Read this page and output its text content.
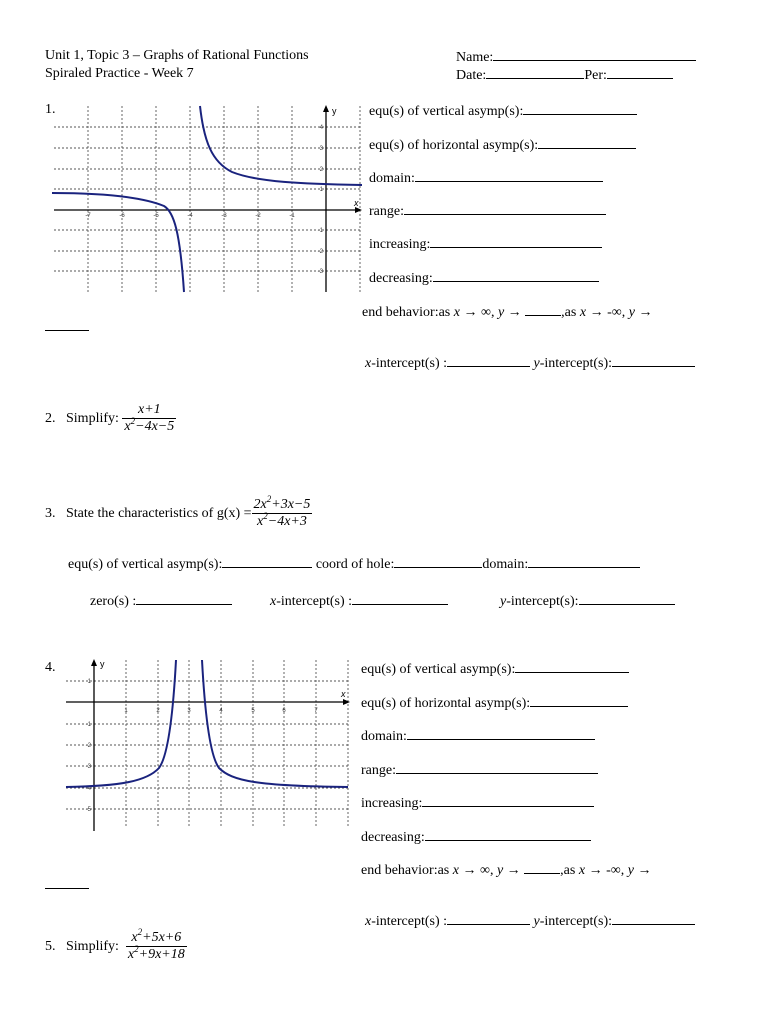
Unit 1, Topic 3 – Graphs of Rational Functions
Spiraled Practice - Week 7
Name:
Date:	Per:
1.
x
y
-7	-6	-5	-4	-3	-2	-1
4
3
2
1
-1
-2
-3
equ(s) of vertical asymp(s):
equ(s) of horizontal asymp(s):
domain:
range:
increasing:
decreasing:
end behavior:as x → ∞, y →	,as x → -∞, y →
x-intercept(s) :	y-intercept(s):
2. Simplify: $\frac{x+1}{x^2-4x-5}$
3. State the characteristics of $g(x) = \frac{2x^2+3x-5}{x^2-4x+3}$
equ(s) of vertical asymp(s):	coord of hole:	domain:
zero(s) :	x-intercept(s) :	y-intercept(s):
4.
x
y
1	2	3	4	5	6	7
1
-1
-2
-3
-4
-5
equ(s) of vertical asymp(s):
equ(s) of horizontal asymp(s):
domain:
range:
increasing:
decreasing:
end behavior:as x → ∞, y →	,as x → -∞, y →
x-intercept(s) :	y-intercept(s):
5. Simplify: $\frac{x^2+5x+6}{x^2+9x+18}$
